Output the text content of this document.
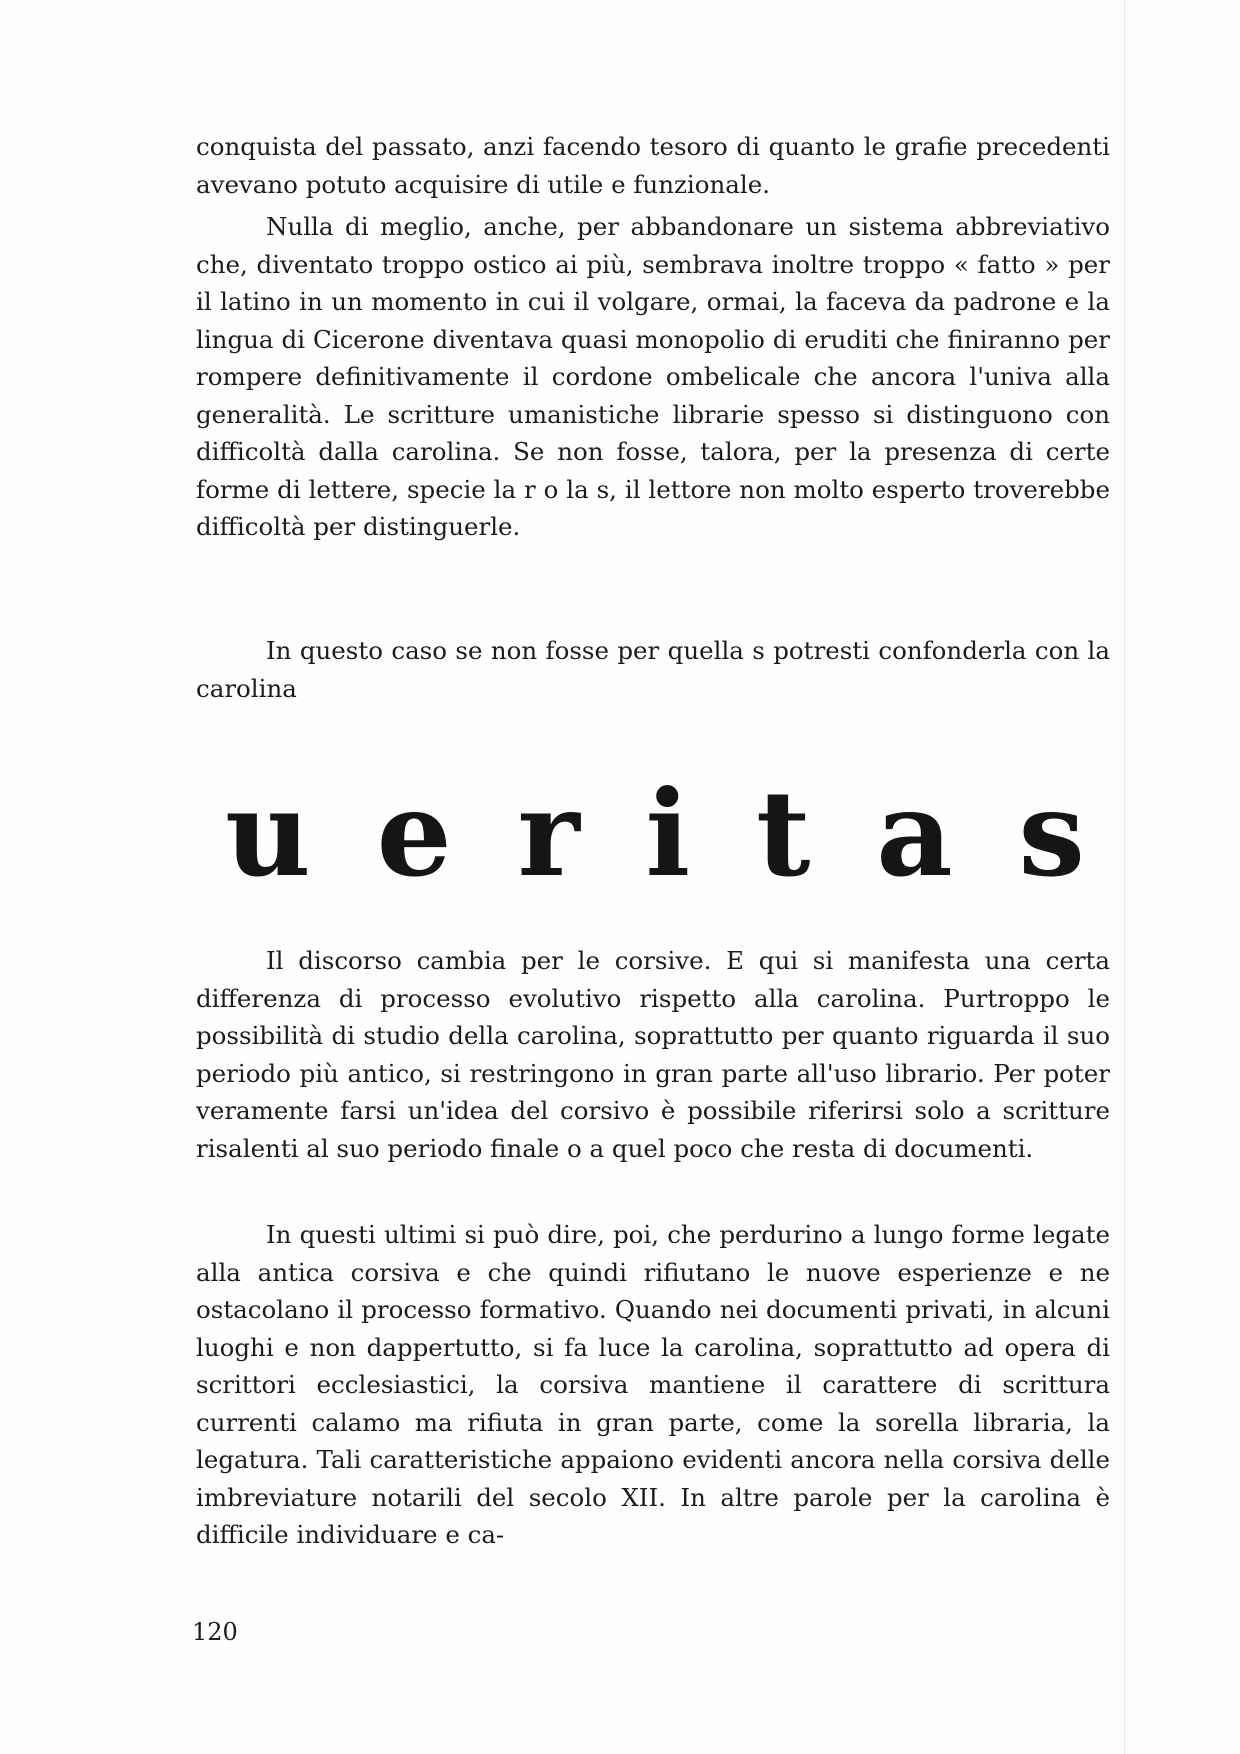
conquista del passato, anzi facendo tesoro di quanto le grafie precedenti avevano potuto acquisire di utile e funzionale.

Nulla di meglio, anche, per abbandonare un sistema abbreviativo che, diventato troppo ostico ai più, sembrava inoltre troppo « fatto » per il latino in un momento in cui il volgare, ormai, la faceva da padrone e la lingua di Cicerone diventava quasi monopolio di eruditi che finiranno per rompere definitivamente il cordone ombelicale che ancora l'univa alla generalità. Le scritture umanistiche librarie spesso si distinguono con difficoltà dalla carolina. Se non fosse, talora, per la presenza di certe forme di lettere, specie la r o la s, il lettore non molto esperto troverebbe difficoltà per distinguerle.

In questo caso se non fosse per quella s potresti confonderla con la carolina

u e r i t a s

Il discorso cambia per le corsive. E qui si manifesta una certa differenza di processo evolutivo rispetto alla carolina. Purtroppo le possibilità di studio della carolina, soprattutto per quanto riguarda il suo periodo più antico, si restringono in gran parte all'uso librario. Per poter veramente farsi un'idea del corsivo è possibile riferirsi solo a scritture risalenti al suo periodo finale o a quel poco che resta di documenti.

In questi ultimi si può dire, poi, che perdurino a lungo forme legate alla antica corsiva e che quindi rifiutano le nuove esperienze e ne ostacolano il processo formativo. Quando nei documenti privati, in alcuni luoghi e non dappertutto, si fa luce la carolina, soprattutto ad opera di scrittori ecclesiastici, la corsiva mantiene il carattere di scrittura currenti calamo ma rifiuta in gran parte, come la sorella libraria, la legatura. Tali caratteristiche appaiono evidenti ancora nella corsiva delle imbreviature notarili del secolo XII. In altre parole per la carolina è difficile individuare e ca-

120
